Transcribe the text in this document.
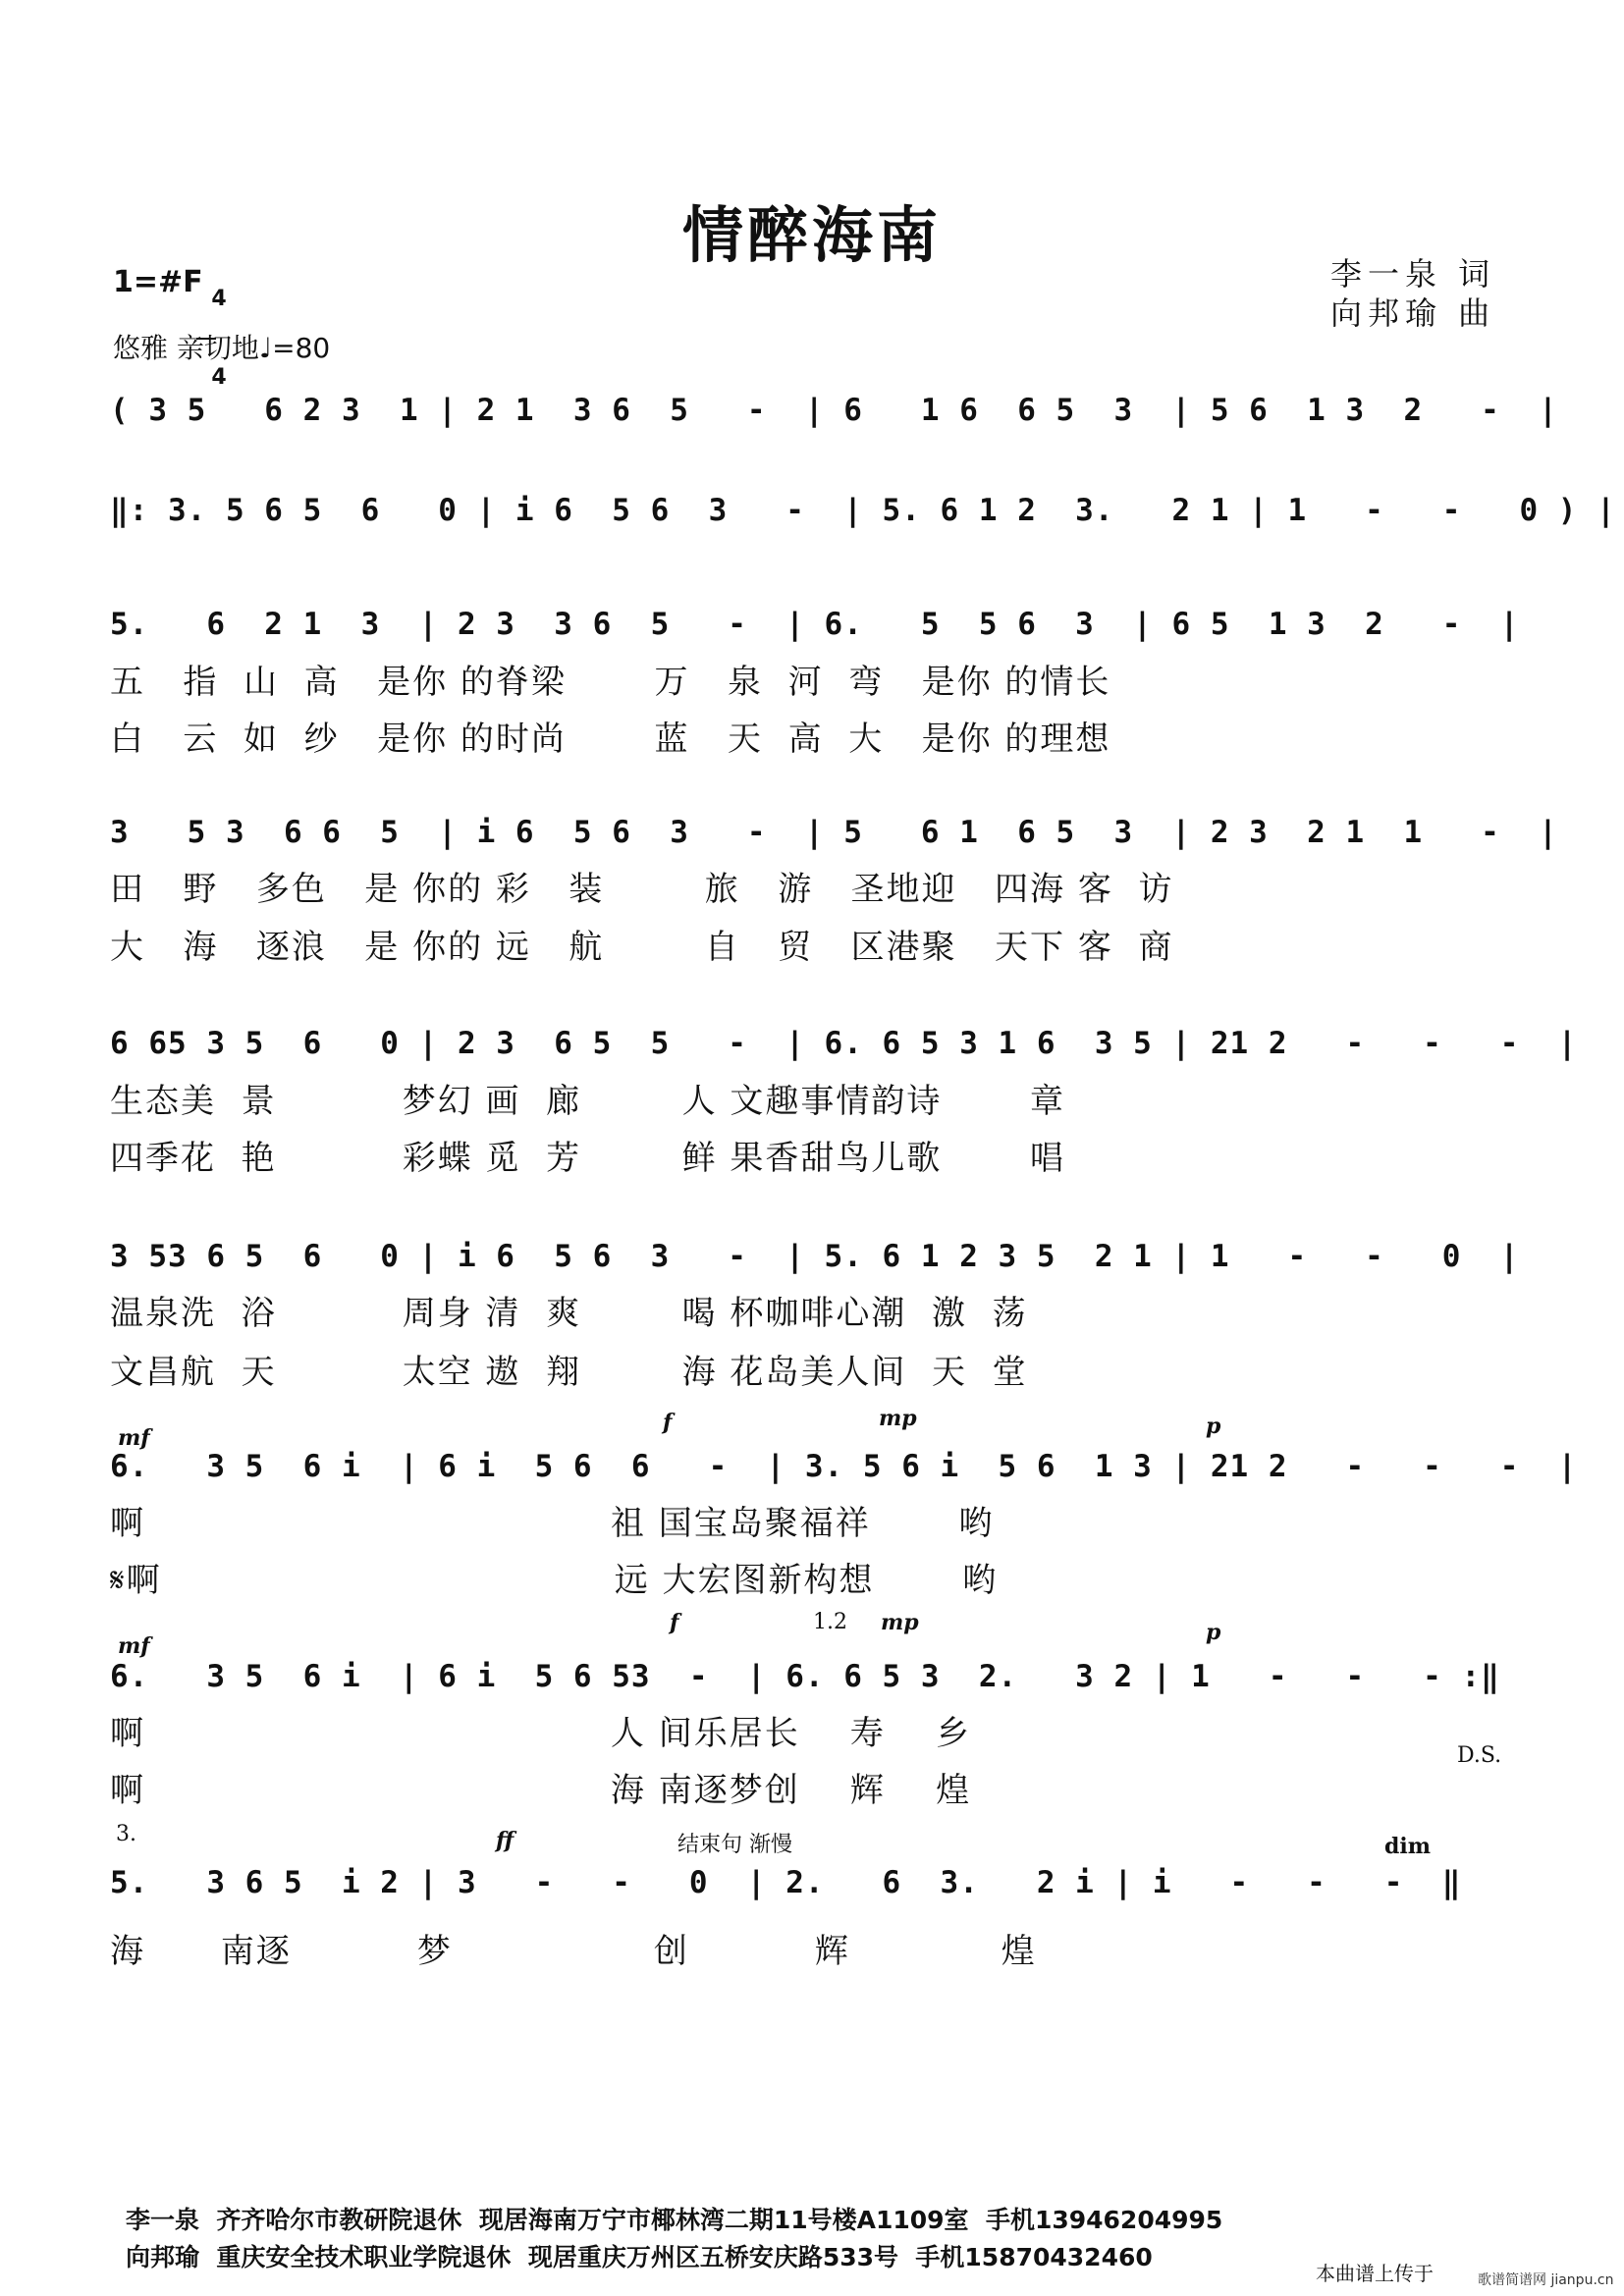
情醉海南
1=#F 4

4

悠雅 亲切地♩=80
李一泉 词
向邦瑜 曲
( 3 5   6 2 3  1 | 2 1  3 6  5   -  | 6   1 6  6 5  3  | 5 6  1 3  2   -  |
‖: 3. 5 6 5  6   0 | i 6  5 6  3   -  | 5. 6 1 2  3.   2 1 | 1   -   -   0 ) |
5.   6  2 1  3  | 2 3  3 6  5   -  | 6.   5  5 6  3  | 6 5  1 3  2   -  |
五   指  山  高   是你 的脊梁       万   泉  河  弯   是你 的情长
白   云  如  纱   是你 的时尚       蓝   天  高  大   是你 的理想
3   5 3  6 6  5  | i 6  5 6  3   -  | 5   6 1  6 5  3  | 2 3  2 1  1   -  |
田   野   多色   是 你的 彩   装        旅   游   圣地迎   四海 客  访
大   海   逐浪   是 你的 远   航        自   贸   区港聚   天下 客  商
6 65 3 5  6   0 | 2 3  6 5  5   -  | 6. 6 5 3 1 6  3 5 | 21 2   -   -   -  |
生态美  景          梦幻 画  廊        人 文趣事情韵诗       章
四季花  艳          彩蝶 觅  芳        鲜 果香甜鸟儿歌       唱
3 53 6 5  6   0 | i 6  5 6  3   -  | 5. 6 1 2 3 5  2 1 | 1   -   -   0  |
温泉洗  浴          周身 清  爽        喝 杯咖啡心潮  激  荡
文昌航  天          太空 遨  翔        海 花岛美人间  天  堂
mf
f	mp	p
6.   3 5  6 i  | 6 i  5 6  6   -  | 3. 5 6 i  5 6  1 3 | 21 2   -   -   -  |
啊                                     祖 国宝岛聚福祥       哟
𝄋啊                                    远 大宏图新构想       哟
1.2
mf
f	mp	p
6.   3 5  6 i  | 6 i  5 6 53  -  | 6. 6 5 3  2.   3 2 | 1   -   -   - :‖
啊                                     人 间乐居长    寿    乡
D.S.
啊                                     海 南逐梦创    辉    煌
3.	ff	结束句 渐慢	dim
5.   3 6 5  i 2 | 3   -   -   0  | 2.   6  3.   2 i | i   -   -   -  ‖
海      南逐          梦                创          辉            煌
李一泉  齐齐哈尔市教研院退休  现居海南万宁市椰林湾二期11号楼A1109室  手机13946204995
向邦瑜  重庆安全技术职业学院退休  现居重庆万州区五桥安庆路533号  手机15870432460
本曲谱上传于	歌谱简谱网 jianpu.cn
